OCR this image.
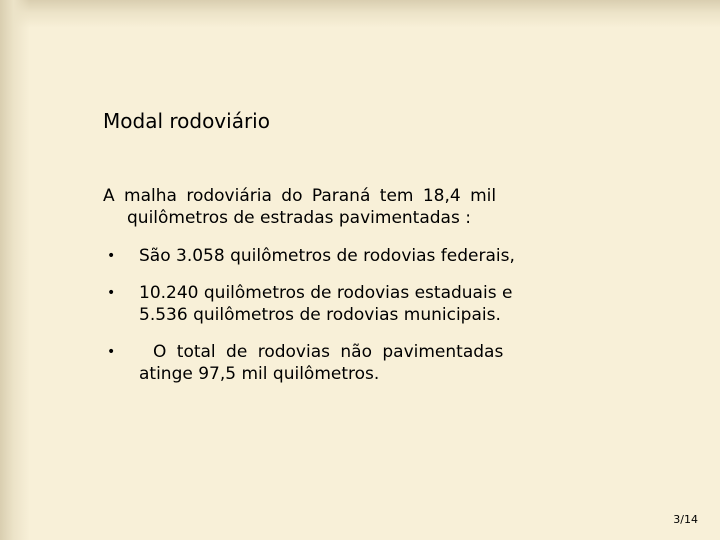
Modal rodoviário
A malha rodoviária do Paraná tem 18,4 mil
quilômetros de estradas pavimentadas :
• São 3.058 quilômetros de rodovias federais,
• 10.240 quilômetros de rodovias estaduais e
5.536 quilômetros de rodovias municipais.
•	O total de rodovias não pavimentadas
atinge 97,5 mil quilômetros.
3/14
